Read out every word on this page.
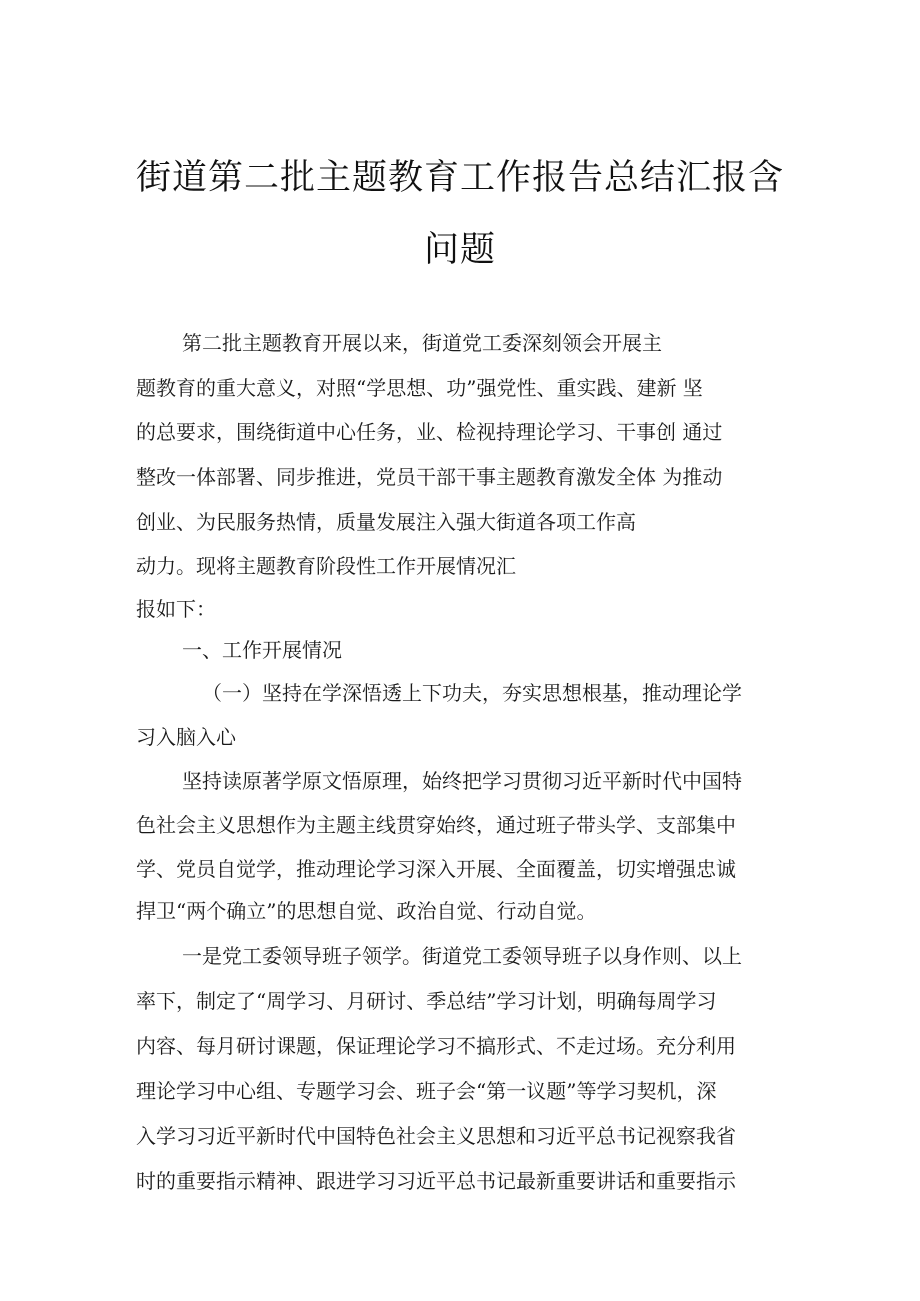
街道第二批主题教育工作报告总结汇报含
问题
第二批主题教育开展以来，街道党工委深刻领会开展主
题教育的重大意义，对照“学思想、功”强党性、重实践、建新 坚
的总要求，围绕街道中心任务，业、检视持理论学习、干事创 通过
整改一体部署、同步推进，党员干部干事主题教育激发全体 为推动
创业、为民服务热情，质量发展注入强大街道各项工作高
动力。现将主题教育阶段性工作开展情况汇
报如下：
一、工作开展情况
（一）坚持在学深悟透上下功夫，夯实思想根基，推动理论学
习入脑入心
坚持读原著学原文悟原理，始终把学习贯彻习近平新时代中国特
色社会主义思想作为主题主线贯穿始终，通过班子带头学、支部集中
学、党员自觉学，推动理论学习深入开展、全面覆盖，切实增强忠诚
捍卫“两个确立”的思想自觉、政治自觉、行动自觉。
一是党工委领导班子领学。街道党工委领导班子以身作则、以上
率下，制定了“周学习、月研讨、季总结”学习计划，明确每周学习
内容、每月研讨课题，保证理论学习不搞形式、不走过场。充分利用
理论学习中心组、专题学习会、班子会“第一议题”等学习契机，深
入学习习近平新时代中国特色社会主义思想和习近平总书记视察我省
时的重要指示精神、跟进学习习近平总书记最新重要讲话和重要指示
